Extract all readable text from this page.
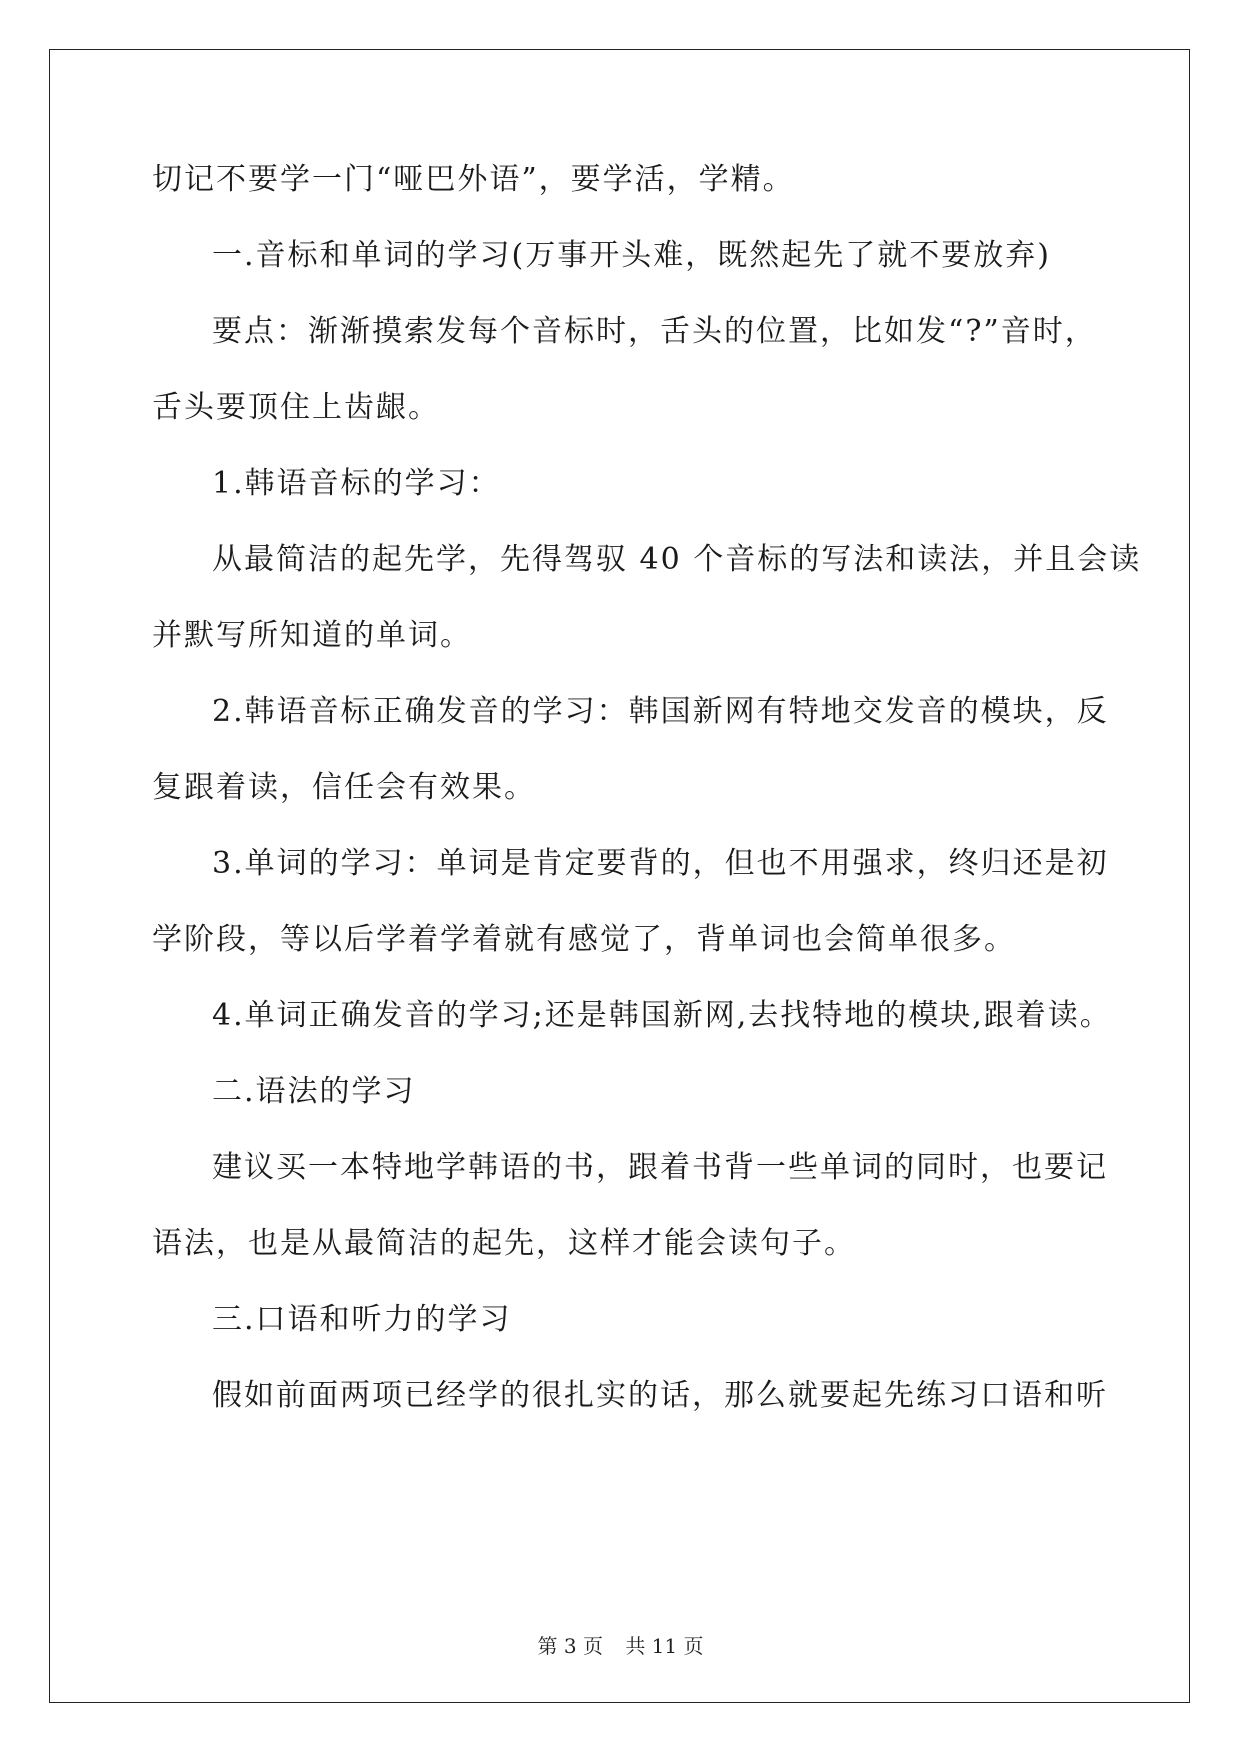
切记不要学一门“哑巴外语”，要学活，学精。
一.音标和单词的学习(万事开头难，既然起先了就不要放弃)
要点：渐渐摸索发每个音标时，舌头的位置，比如发“?”音时，
舌头要顶住上齿龈。
1.韩语音标的学习：
从最简洁的起先学，先得驾驭 40 个音标的写法和读法，并且会读
并默写所知道的单词。
2.韩语音标正确发音的学习：韩国新网有特地交发音的模块，反
复跟着读，信任会有效果。
3.单词的学习：单词是肯定要背的，但也不用强求，终归还是初
学阶段，等以后学着学着就有感觉了，背单词也会简单很多。
4.单词正确发音的学习;还是韩国新网,去找特地的模块,跟着读。
二.语法的学习
建议买一本特地学韩语的书，跟着书背一些单词的同时，也要记
语法，也是从最简洁的起先，这样才能会读句子。
三.口语和听力的学习
假如前面两项已经学的很扎实的话，那么就要起先练习口语和听
第 3 页 共 11 页
